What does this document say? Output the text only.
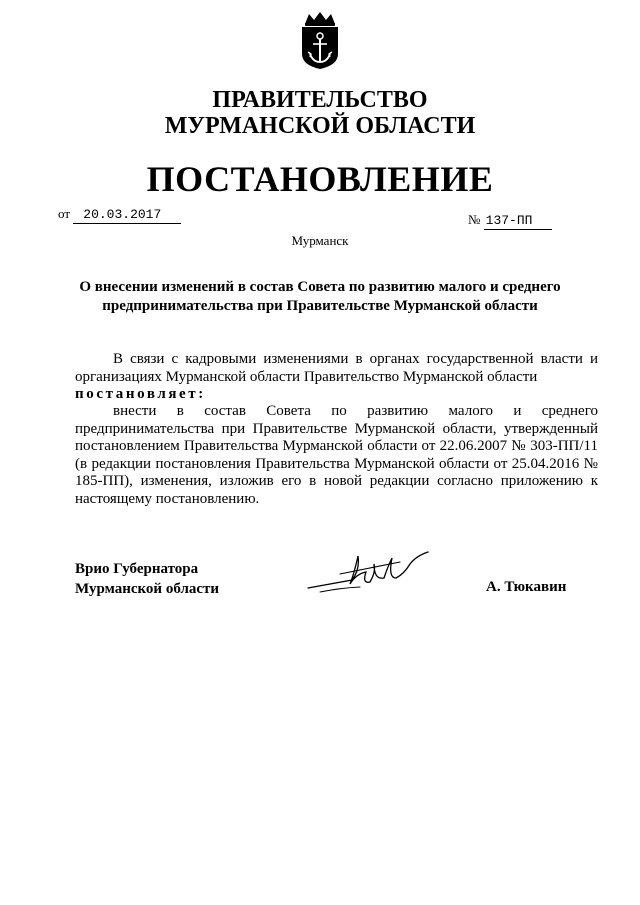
ПРАВИТЕЛЬСТВО
МУРМАНСКОЙ ОБЛАСТИ
ПОСТАНОВЛЕНИЕ
от 20.03.2017	№ 137-ПП
Мурманск
О внесении изменений в состав Совета по развитию малого и среднего предпринимательства при Правительстве Мурманской области
В связи с кадровыми изменениями в органах государственной власти и организациях Мурманской области Правительство Мурманской области
постановляет:
внести в состав Совета по развитию малого и среднего предпринимательства при Правительстве Мурманской области, утвержденный постановлением Правительства Мурманской области от 22.06.2007 № 303-ПП/11 (в редакции постановления Правительства Мурманской области от 25.04.2016 № 185-ПП), изменения, изложив его в новой редакции согласно приложению к настоящему постановлению.
Врио Губернатора
Мурманской области	А. Тюкавин
